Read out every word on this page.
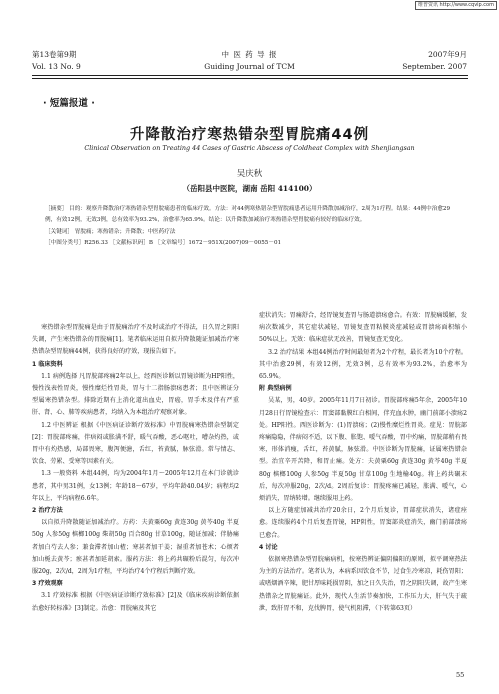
维普资讯 http://www.cqvip.com
第13卷第9期	中 医 药 导 报	2007年9月
Vol. 13 No. 9	Guiding Journal of TCM	September. 2007
· 短篇报道 ·
升降散治疗寒热错杂型胃脘痛44例
Clinical Observation on Treating 44 Cases of Gastric Abscess of Coldheat Complex with Shenjiangsan
吴庆秋
（岳阳县中医院，湖南 岳阳 414100）

［摘要］ 目的：观察升降散治疗寒热错杂型胃脘痛患者的临床疗效。方法：对44例寒热错杂型胃脘痛患者运用升降散加减治疗，2周为1疗程。结果：44例中治愈29例，有效12例，无效3例，总有效率为93.2%，治愈率为65.9%。结论：以升降散加减治疗寒热错杂型胃脘痛有较好的临床疗效。

［关键词］ 胃脘痛；寒热错杂；升降散；中医药疗法

［中图分类号］R256.33 ［文献标识码］B ［文章编号］1672－951X(2007)09－0055－01

寒热错杂型胃脘痛是由于胃脘痛治疗不及时或治疗不得法，日久胃之阴阳失调，产生寒热错杂的胃脘痛[1]。笔者临床运用自拟升降散随证加减治疗寒热错杂型胃脘痛44例，获得良好的疗效，现报告如下。

1 临床资料

1.1 病例选择 凡胃脘部疼痛2年以上，经西医诊断以胃镜诊断为HP阳性，慢性浅表性胃炎，慢性糜烂性胃炎，胃与十二指肠溃疡患者；且中医辨证分型属寒热错杂型。排除近期有上消化道出血史，胃癌，胃手术及伴有严重肝、肾、心、肺等疾病患者，均纳入为本组治疗观察对象。

1.2 中医辨证 根据《中医病证诊断疗效标准》中胃脘痛寒热错杂型制定[2]：胃脘部疼痛，伴痞闷或胀满不舒，暖气吞酸，恶心呕吐，嘈杂灼热，或胃中有灼热感，局部畏寒，腹泻便溏，舌红，苔黄腻，脉弦滑。常与情志、饮食、劳累、受寒等因素有关。

1.3 一般资料 本组44例，均为2004年1月～2005年12月在本门诊就诊患者，其中男31例，女13例；年龄18～67岁，平均年龄40.04岁；病程均2年以上，平均病程6.6年。

2 治疗方法

以自拟升降散随证加减治疗。方药：夫黄粟60g 黄连30g 黄芩40g 半夏50g 人参50g 槟榔100g 柴胡50g 百合80g 甘草100g，随证加减；伴胁痛者加白芍去人参；兼食滞者加山楂；寒甚者加干姜；湿重者加苍术；心烦者加山栀去黄芩；瘀甚者加延胡索。服药方法：将上药共碾粉后混匀，每次冲服20g，2次/d，2周为1疗程，平均治疗4个疗程后判断疗效。

3 疗效观察

3.1 疗效标准 根据《中医病证诊断疗效标准》[2]及《临床疾病诊断依据治愈好转标准》[3]制定。治愈：胃脘痛及其它

症状消失；胃痛舒合，经胃镜复查胃与肠道溃疡愈合。有效：胃脘痛缓解，发病次数减少，其它症状减轻，胃镜复查胃粘膜炎症减轻或胃溃疡面积缩小50%以上。无效：临床症状无改善，胃镜复查无变化。

3.2 治疗结果 本组44例治疗时间最短者为2个疗程，最长者为10个疗程。其中治愈29例，有效12例，无效3例，总有效率为93.2%，治愈率为65.9%。

附 典型病例

吴某，男，40岁。2005年11月7日初诊。胃脘部疼痛5年余，2005年10月28日行胃镜检查示：胃窦部黏膜红白相间，伴充血水肿，幽门前部小溃疡2处。HP阳性。西医诊断为：(1)胃溃疡；(2)慢性糜烂性胃炎。症见：胃脘部疼痛隐隐，伴痞闷不适，以下腹、胀饱、嗳气吞酸，胃中灼痛，胃脘部稍有畏寒，形体消瘦，舌红，苔黄腻，脉弦滑。中医诊断为胃脘痛，证属寒热错杂型。治宜辛开苦降，和胃止痛。处方：夫黄粟60g 黄连30g 黄芩40g 半夏80g 槟榔100g 人参50g 半夏50g 甘草100g 生地榆40g。将上药共碾末后，每次冲服20g，2次/d。2周后复诊：胃脘疼痛已减轻，胀满、嗳气，心烦消失，胃纳转增。继续服用上药。

以上方随症加减共治疗20余日，2个月后复诊，胃部症状消失，诸症痊愈。连续服药4个月后复查胃镜，HP阴性，胃窦部炎症消失，幽门前部溃疡已愈合。

4 讨论

依据寒热错杂型胃脘痛病机，按寒热辨证偏阴偏阳的原则，拟平调寒热法为主的方法治疗。笔者认为，本病系因饮食不节，过食生冷寒凉，耗伤胃阳；或嗜烟酒辛辣，肥甘厚味耗损胃阴，加之日久失治，胃之阴阳失调，故产生寒热错杂之胃脘痛证。此外，现代人生活节奏加快，工作压力大，肝气失于疏泄，致肝胃不和，克伐脾胃，使气机阻滞，（下转第63页）

55
